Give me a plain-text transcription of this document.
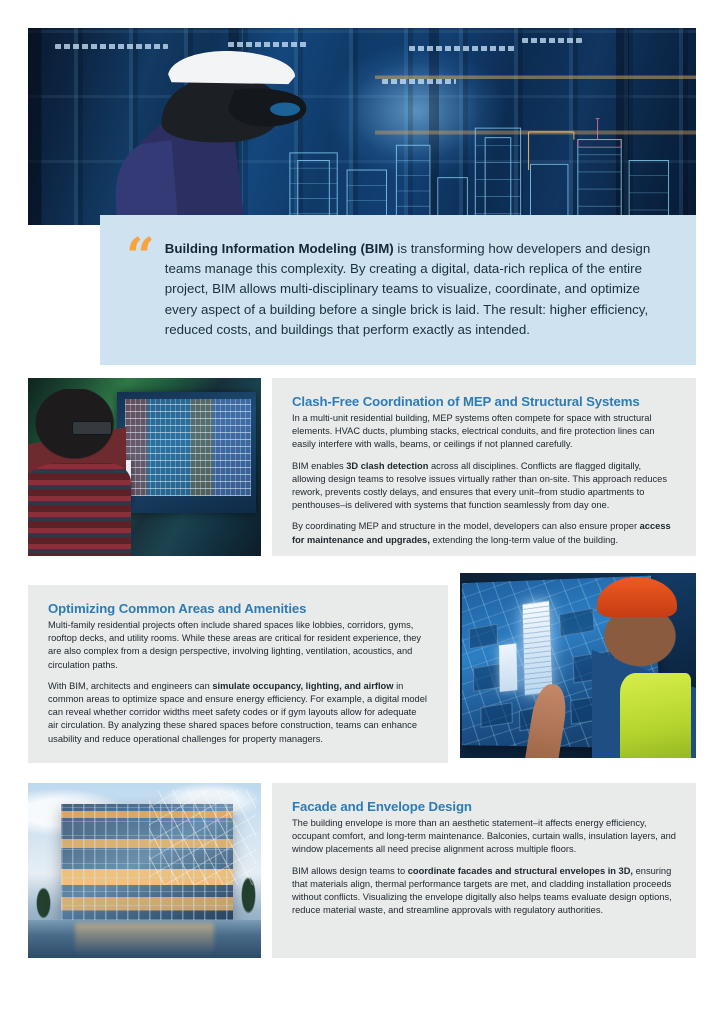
“ Building Information Modeling (BIM) is transforming how developers and design teams manage this complexity. By creating a digital, data-rich replica of the entire project, BIM allows multi-disciplinary teams to visualize, coordinate, and optimize every aspect of a building before a single brick is laid. The result: higher efficiency, reduced costs, and buildings that perform exactly as intended.
Clash-Free Coordination of MEP and Structural Systems

In a multi-unit residential building, MEP systems often compete for space with structural elements. HVAC ducts, plumbing stacks, electrical conduits, and fire protection lines can easily interfere with walls, beams, or ceilings if not planned carefully.

BIM enables 3D clash detection across all disciplines. Conflicts are flagged digitally, allowing design teams to resolve issues virtually rather than on-site. This approach reduces rework, prevents costly delays, and ensures that every unit–from studio apartments to penthouses–is delivered with systems that function seamlessly from day one.

By coordinating MEP and structure in the model, developers can also ensure proper access for maintenance and upgrades, extending the long-term value of the building.

Optimizing Common Areas and Amenities

Multi-family residential projects often include shared spaces like lobbies, corridors, gyms, rooftop decks, and utility rooms. While these areas are critical for resident experience, they are also complex from a design perspective, involving lighting, ventilation, acoustics, and circulation paths.

With BIM, architects and engineers can simulate occupancy, lighting, and airflow in common areas to optimize space and ensure energy efficiency. For example, a digital model can reveal whether corridor widths meet safety codes or if gym layouts allow for adequate air circulation. By analyzing these shared spaces before construction, teams can enhance usability and reduce operational challenges for property managers.

Facade and Envelope Design

The building envelope is more than an aesthetic statement–it affects energy efficiency, occupant comfort, and long-term maintenance. Balconies, curtain walls, insulation layers, and window placements all need precise alignment across multiple floors.

BIM allows design teams to coordinate facades and structural envelopes in 3D, ensuring that materials align, thermal performance targets are met, and cladding installation proceeds without conflicts. Visualizing the envelope digitally also helps teams evaluate design options, reduce material waste, and streamline approvals with regulatory authorities.
